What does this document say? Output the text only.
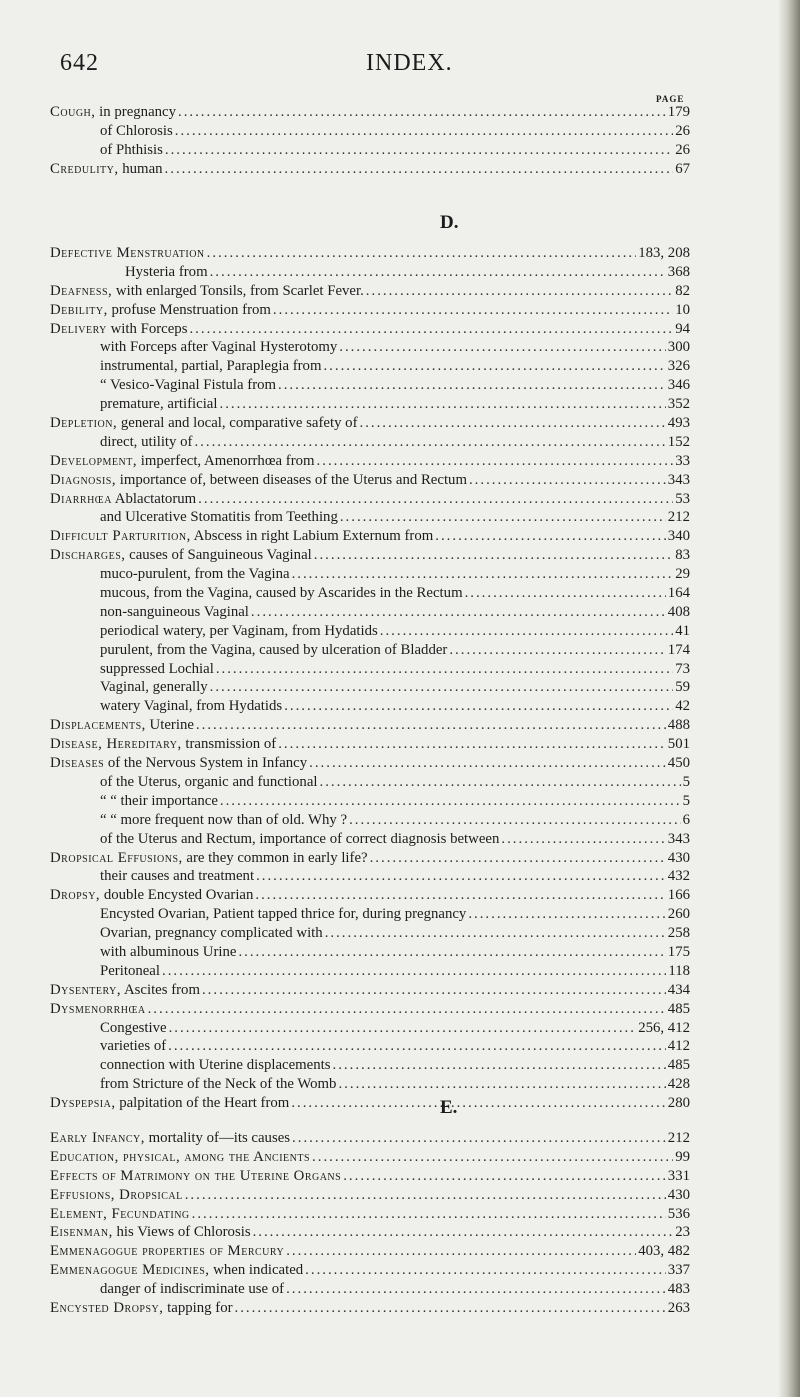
642	INDEX.
PAGE
Cough, in pregnancy .....	179
of Chlorosis .....	26
of Phthisis .....	26
Credulity, human .....	67
D.
Defective Menstruation .....	183, 208
Hysteria from .....	368
Deafness, with enlarged Tonsils, from Scarlet Fever. .....	82
Debility, profuse Menstruation from .....	10
Delivery with Forceps .....	94
with Forceps after Vaginal Hysterotomy .....	300
instrumental, partial, Paraplegia from .....	326
“ Vesico-Vaginal Fistula from .....	346
premature, artificial .....	352
Depletion, general and local, comparative safety of .....	493
direct, utility of .....	152
Development, imperfect, Amenorrhœa from .....	33
Diagnosis, importance of, between diseases of the Uterus and Rectum .....	343
Diarrhœa Ablactatorum .....	53
and Ulcerative Stomatitis from Teething .....	212
Difficult Parturition, Abscess in right Labium Externum from .....	340
Discharges, causes of Sanguineous Vaginal .....	83
muco-purulent, from the Vagina .....	29
mucous, from the Vagina, caused by Ascarides in the Rectum .....	164
non-sanguineous Vaginal .....	408
periodical watery, per Vaginam, from Hydatids .....	41
purulent, from the Vagina, caused by ulceration of Bladder .....	174
suppressed Lochial .....	73
Vaginal, generally .....	59
watery Vaginal, from Hydatids .....	42
Displacements, Uterine .....	488
Disease, Hereditary, transmission of .....	501
Diseases of the Nervous System in Infancy .....	450
of the Uterus, organic and functional .....	5
“ “ their importance .....	5
“ “ more frequent now than of old. Why ? .....	6
of the Uterus and Rectum, importance of correct diagnosis between .....	343
Dropsical Effusions, are they common in early life? .....	430
their causes and treatment .....	432
Dropsy, double Encysted Ovarian .....	166
Encysted Ovarian, Patient tapped thrice for, during pregnancy .....	260
Ovarian, pregnancy complicated with .....	258
with albuminous Urine .....	175
Peritoneal .....	118
Dysentery, Ascites from .....	434
Dysmenorrhœa .....	485
Congestive .....	256, 412
varieties of .....	412
connection with Uterine displacements .....	485
from Stricture of the Neck of the Womb .....	428
Dyspepsia, palpitation of the Heart from .....	280
E.
Early Infancy, mortality of—its causes .....	212
Education, physical, among the Ancients .....	99
Effects of Matrimony on the Uterine Organs .....	331
Effusions, Dropsical .....	430
Element, Fecundating .....	536
Eisenman, his Views of Chlorosis .....	23
Emmenagogue properties of Mercury .....	403, 482
Emmenagogue Medicines, when indicated .....	337
danger of indiscriminate use of .....	483
Encysted Dropsy, tapping for .....	263
